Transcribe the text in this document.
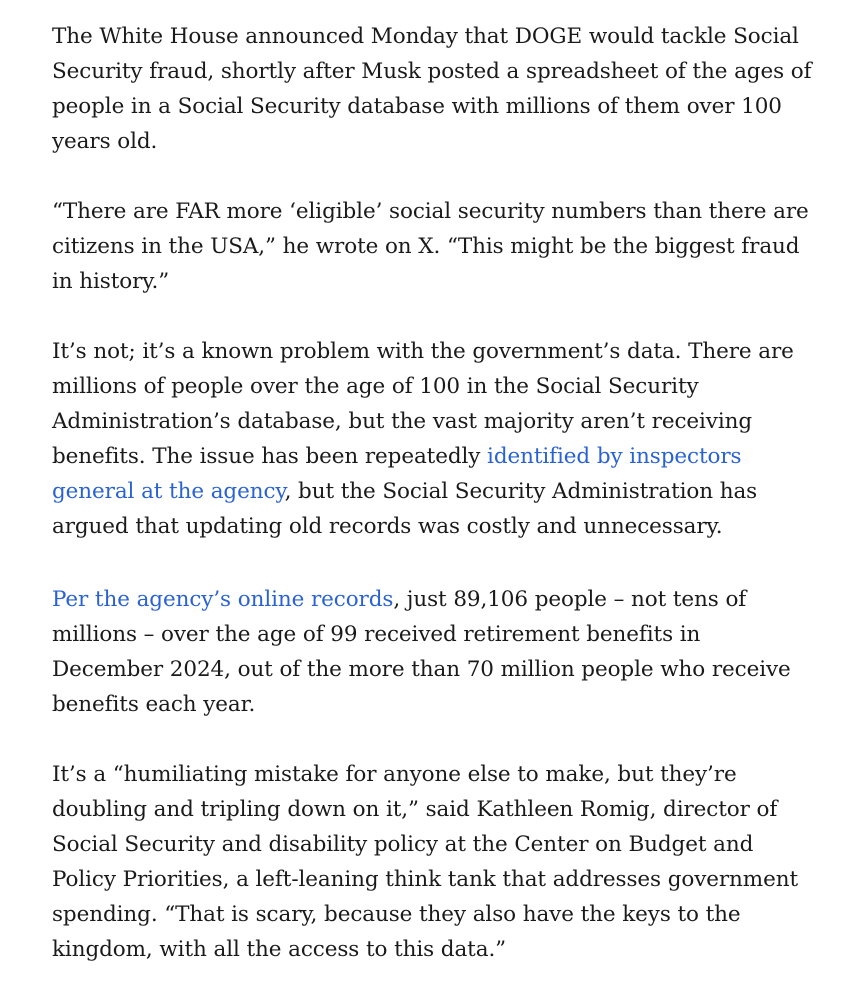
The White House announced Monday that DOGE would tackle Social Security fraud, shortly after Musk posted a spreadsheet of the ages of people in a Social Security database with millions of them over 100 years old.

“There are FAR more ‘eligible’ social security numbers than there are citizens in the USA,” he wrote on X. “This might be the biggest fraud in history.”

It’s not; it’s a known problem with the government’s data. There are millions of people over the age of 100 in the Social Security Administration’s database, but the vast majority aren’t receiving benefits. The issue has been repeatedly identified by inspectors general at the agency, but the Social Security Administration has argued that updating old records was costly and unnecessary.

Per the agency’s online records, just 89,106 people – not tens of millions – over the age of 99 received retirement benefits in December 2024, out of the more than 70 million people who receive benefits each year.

It’s a “humiliating mistake for anyone else to make, but they’re doubling and tripling down on it,” said Kathleen Romig, director of Social Security and disability policy at the Center on Budget and Policy Priorities, a left-leaning think tank that addresses government spending. “That is scary, because they also have the keys to the kingdom, with all the access to this data.”
